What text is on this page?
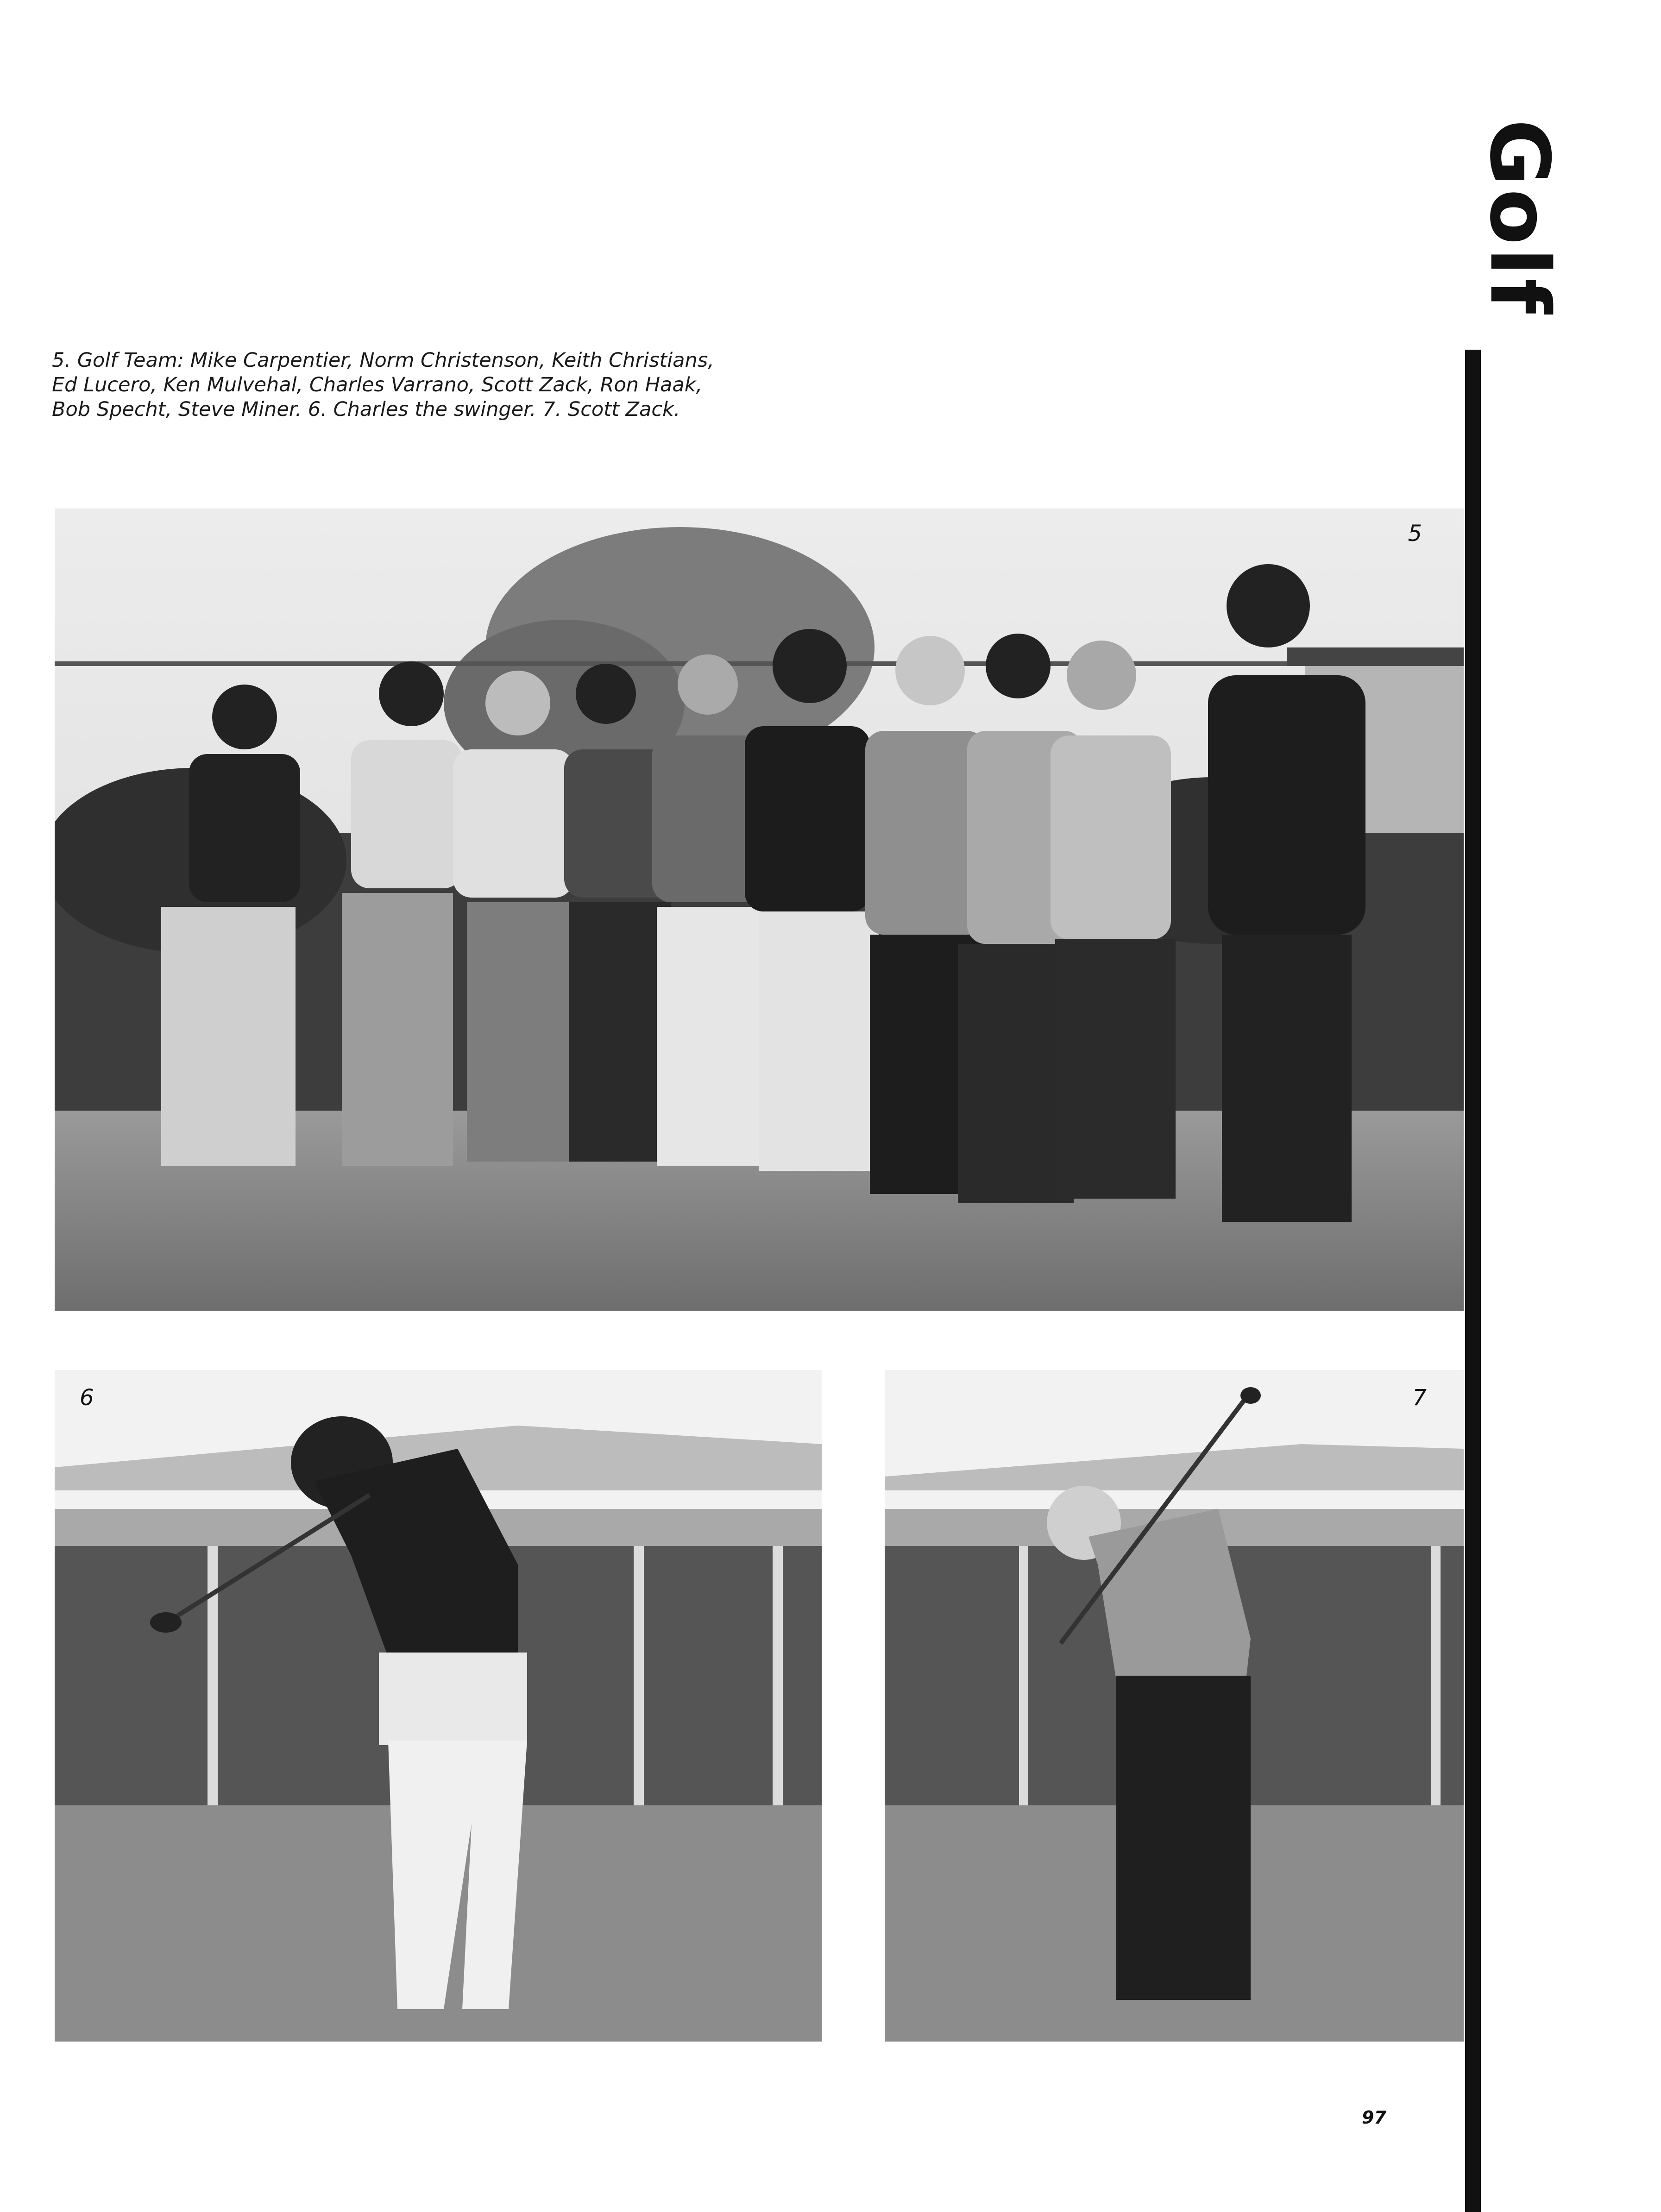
Golf
5. Golf Team: Mike Carpentier, Norm Christenson, Keith Christians, Ed Lucero, Ken Mulvehal, Charles Varrano, Scott Zack, Ron Haak, Bob Specht, Steve Miner. 6. Charles the swinger. 7. Scott Zack.
5
6	7
97
